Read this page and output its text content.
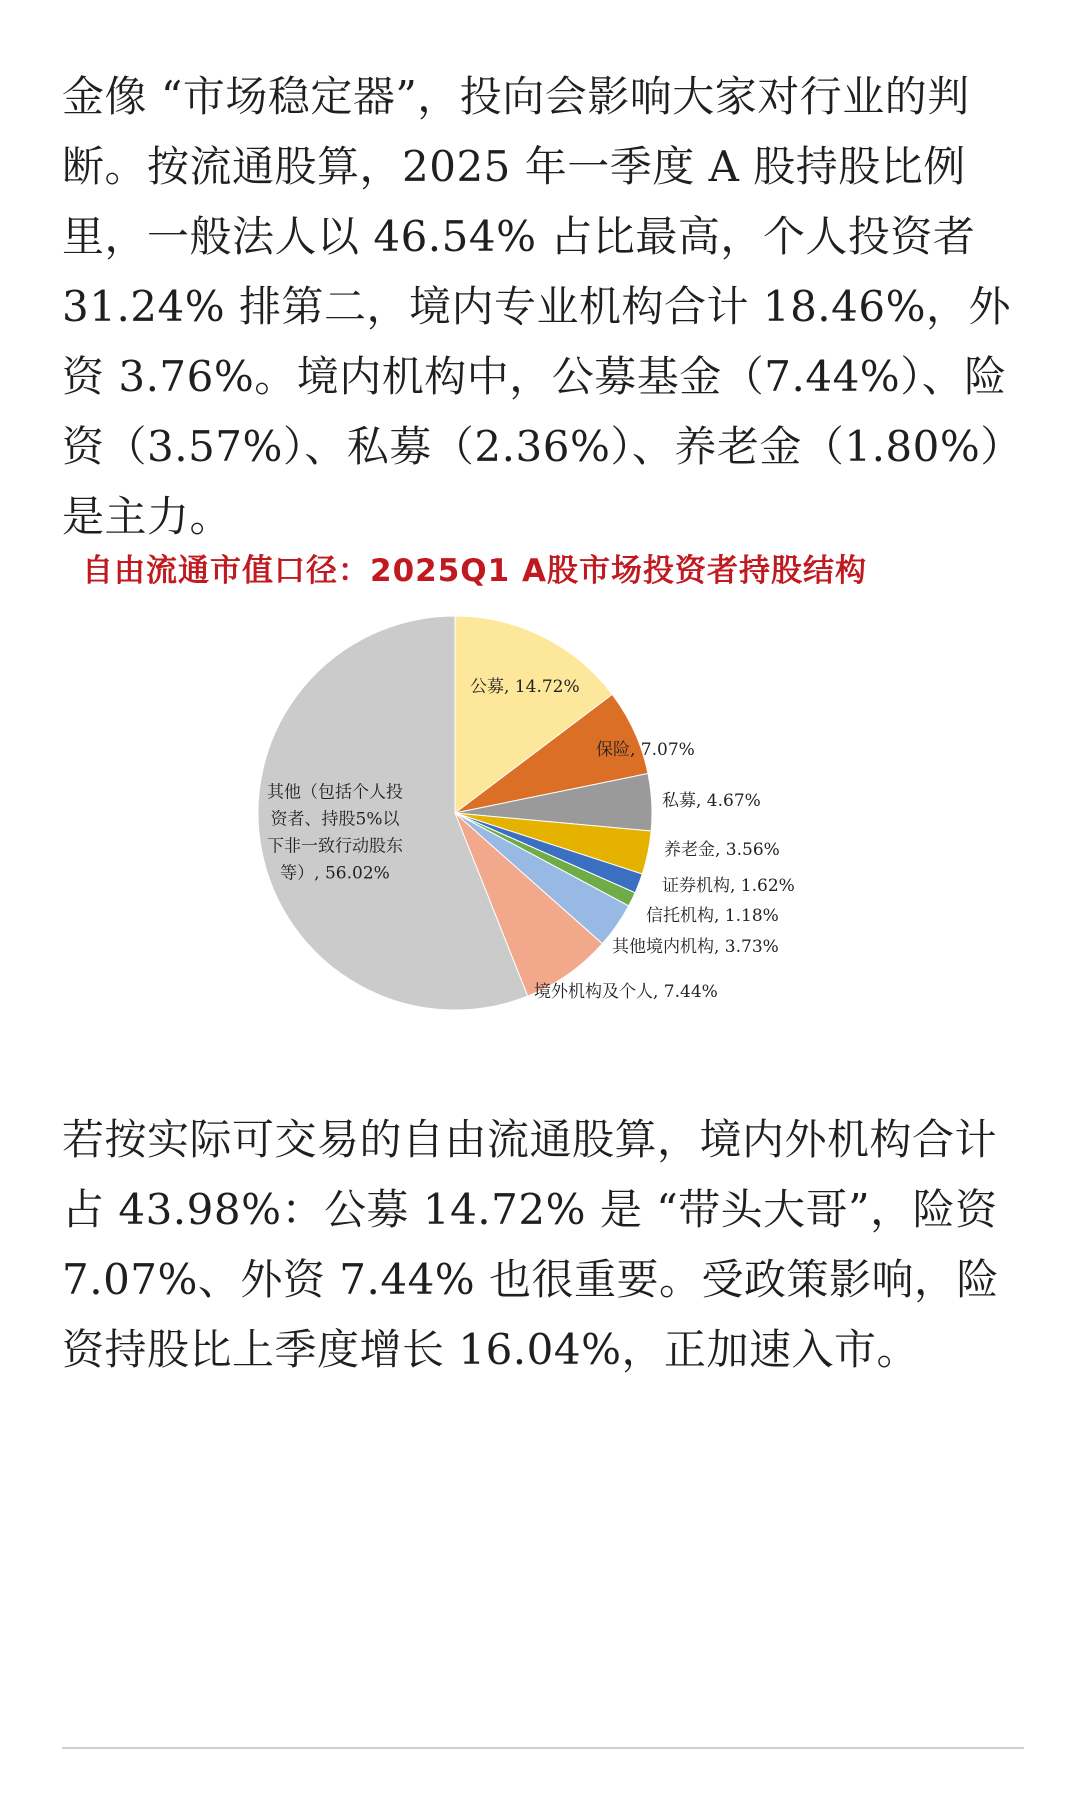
金像 “市场稳定器”，投向会影响大家对行业的判断。按流通股算，2025 年一季度 A 股持股比例里，一般法人以 46.54% 占比最高，个人投资者 31.24% 排第二，境内专业机构合计 18.46%，外资 3.76%。境内机构中，公募基金（7.44%）、险资（3.57%）、私募（2.36%）、养老金（1.80%）是主力。

自由流通市值口径：2025Q1 A股市场投资者持股结构
公募, 14.72%
保险, 7.07%
私募, 4.67%
养老金, 3.56%
证券机构, 1.62%
信托机构, 1.18%
其他境内机构, 3.73%
境外机构及个人, 7.44%
其他（包括个人投资者、持股5%以下非一致行动股东等）, 56.02%

若按实际可交易的自由流通股算，境内外机构合计占 43.98%：公募 14.72% 是 “带头大哥”，险资 7.07%、外资 7.44% 也很重要。受政策影响，险资持股比上季度增长 16.04%，正加速入市。
